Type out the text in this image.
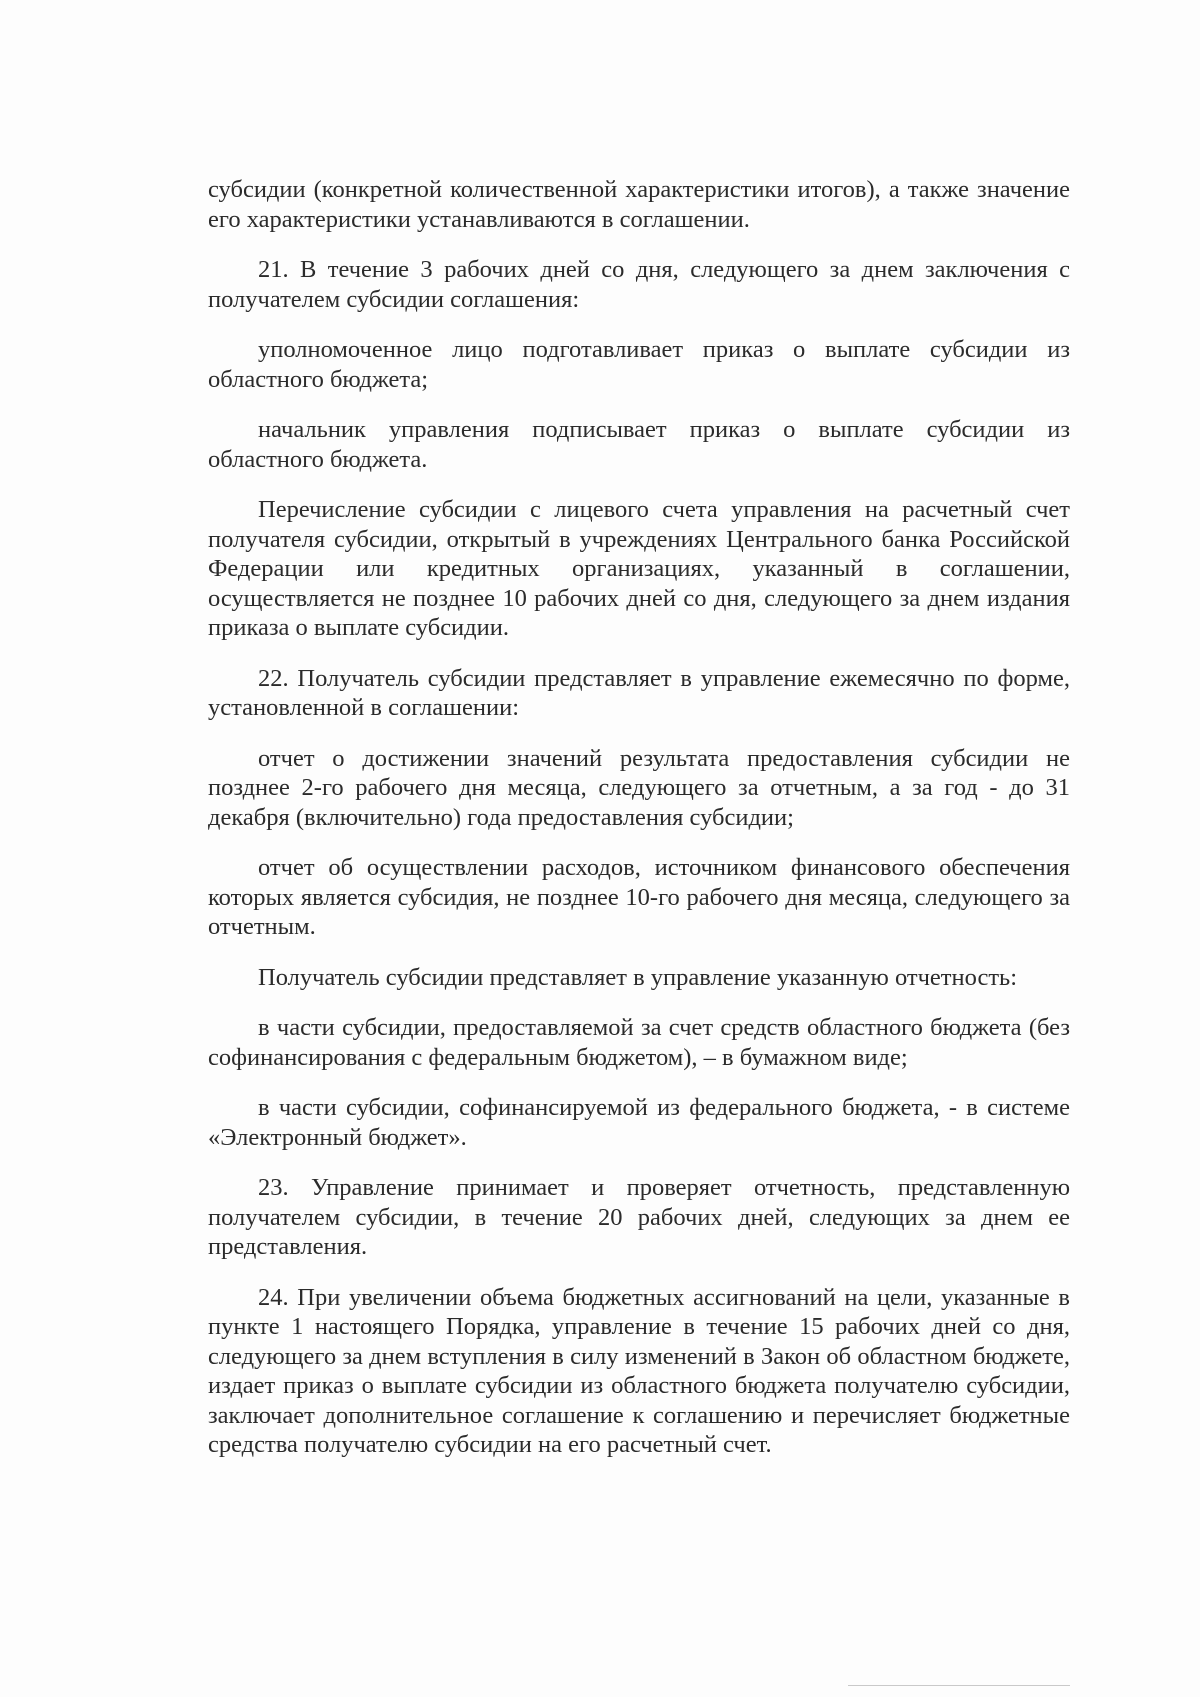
субсидии (конкретной количественной характеристики итогов), а также значение его характеристики устанавливаются в соглашении.

21. В течение 3 рабочих дней со дня, следующего за днем заключения с получателем субсидии соглашения:

уполномоченное лицо подготавливает приказ о выплате субсидии из областного бюджета;

начальник управления подписывает приказ о выплате субсидии из областного бюджета.

Перечисление субсидии с лицевого счета управления на расчетный счет получателя субсидии, открытый в учреждениях Центрального банка Российской Федерации или кредитных организациях, указанный в соглашении, осуществляется не позднее 10 рабочих дней со дня, следующего за днем издания приказа о выплате субсидии.

22. Получатель субсидии представляет в управление ежемесячно по форме, установленной в соглашении:

отчет о достижении значений результата предоставления субсидии не позднее 2-го рабочего дня месяца, следующего за отчетным, а за год - до 31 декабря (включительно) года предоставления субсидии;

отчет об осуществлении расходов, источником финансового обеспечения которых является субсидия, не позднее 10-го рабочего дня месяца, следующего за отчетным.

Получатель субсидии представляет в управление указанную отчетность:

в части субсидии, предоставляемой за счет средств областного бюджета (без софинансирования с федеральным бюджетом), – в бумажном виде;

в части субсидии, софинансируемой из федерального бюджета, - в системе «Электронный бюджет».

23. Управление принимает и проверяет отчетность, представленную получателем субсидии, в течение 20 рабочих дней, следующих за днем ее представления.

24. При увеличении объема бюджетных ассигнований на цели, указанные в пункте 1 настоящего Порядка, управление в течение 15 рабочих дней со дня, следующего за днем вступления в силу изменений в Закон об областном бюджете, издает приказ о выплате субсидии из областного бюджета получателю субсидии, заключает дополнительное соглашение к соглашению и перечисляет бюджетные средства получателю субсидии на его расчетный счет.
